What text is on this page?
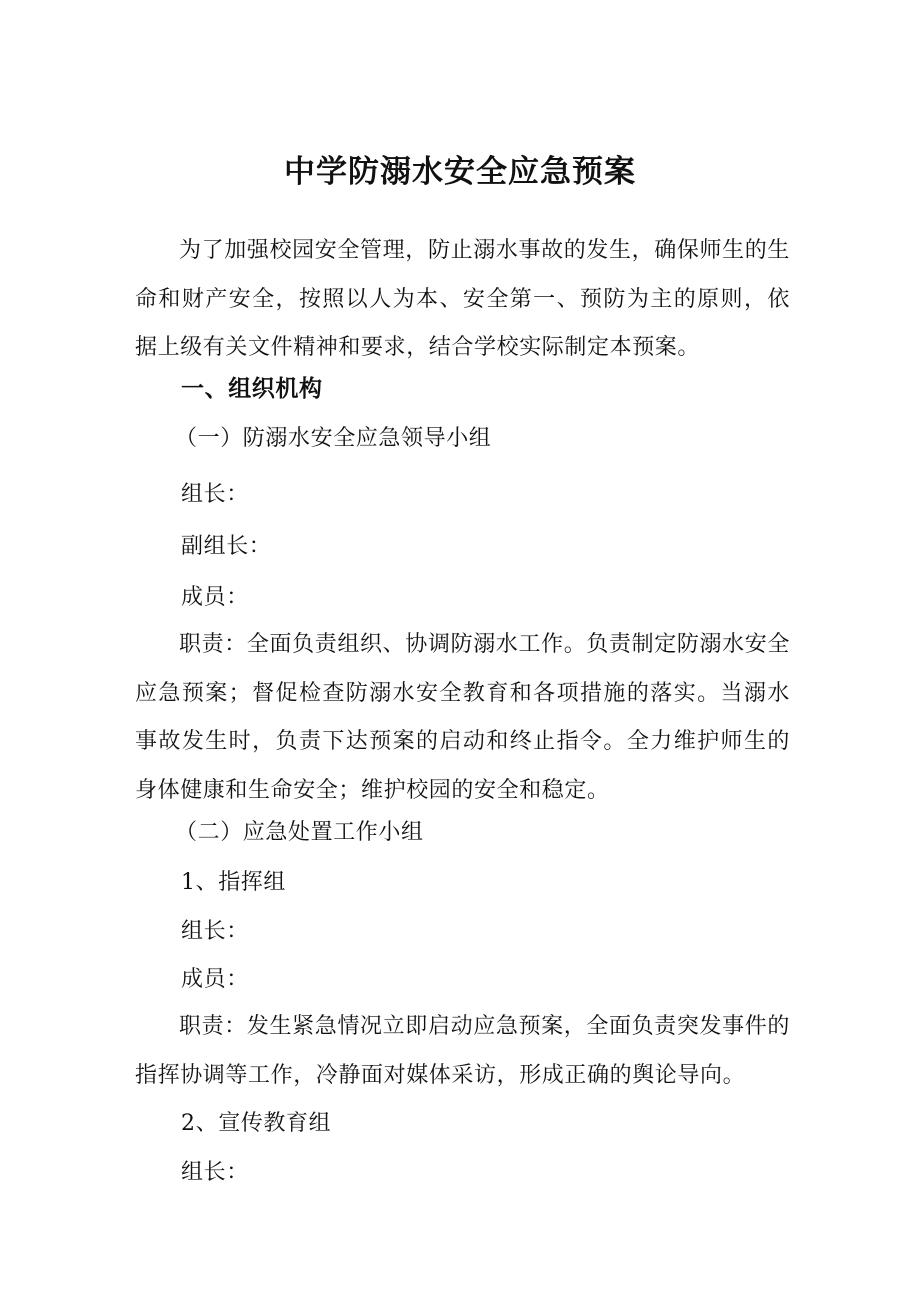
中学防溺水安全应急预案

为了加强校园安全管理，防止溺水事故的发生，确保师生的生命和财产安全，按照以人为本、安全第一、预防为主的原则，依据上级有关文件精神和要求，结合学校实际制定本预案。

一、组织机构
（一）防溺水安全应急领导小组
组长：
副组长：
成员：

职责：全面负责组织、协调防溺水工作。负责制定防溺水安全应急预案；督促检查防溺水安全教育和各项措施的落实。当溺水事故发生时，负责下达预案的启动和终止指令。全力维护师生的身体健康和生命安全；维护校园的安全和稳定。

（二）应急处置工作小组
1、指挥组
组长：
成员：

职责：发生紧急情况立即启动应急预案，全面负责突发事件的指挥协调等工作，冷静面对媒体采访，形成正确的舆论导向。

2、宣传教育组
组长：
